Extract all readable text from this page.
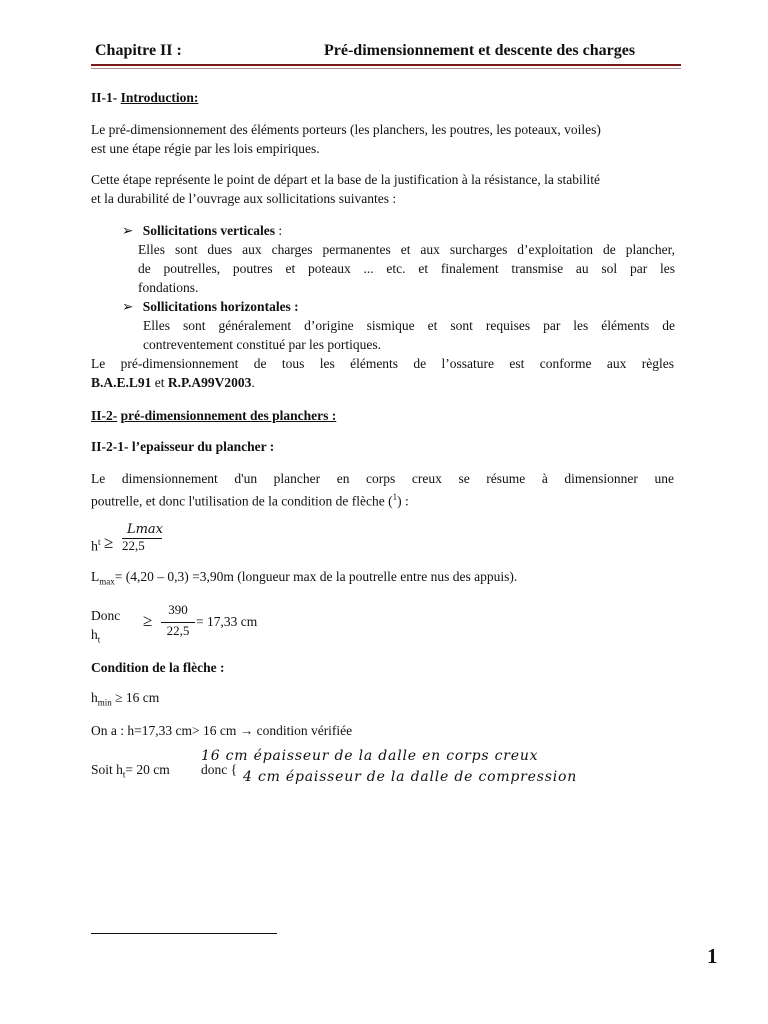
Chapitre II :	Pré-dimensionnement et descente des charges
II-1- Introduction:
Le pré-dimensionnement des éléments porteurs (les planchers, les poutres, les poteaux, voiles)
est une étape régie par les lois empiriques.
Cette étape représente le point de départ et la base de la justification à la résistance, la stabilité
et la durabilité de l’ouvrage aux sollicitations suivantes :
➢ Sollicitations verticales :
Elles sont dues aux charges permanentes et aux surcharges d’exploitation de plancher,
de poutrelles, poutres et poteaux ... etc. et finalement transmise au sol par les
fondations.
➢ Sollicitations horizontales :
Elles sont généralement d’origine sismique et sont requises par les éléments de
contreventement constitué par les portiques.
Le pré-dimensionnement de tous les éléments de l’ossature est conforme aux règles
B.A.E.L91 et R.P.A99V2003.
II-2- pré-dimensionnement des planchers :
II-2-1- l’epaisseur du plancher :
Le dimensionnement d'un plancher en corps creux se résume à dimensionner une
poutrelle, et donc l'utilisation de la condition de flèche ($^1$) :
$h^t$ ≥
Lmax
22,5
$L_{max}= (4,20 - 0,3) =3,90m$ (longueur max de la poutrelle entre nus des appuis).
Donc
$h_t$
≥
390
22,5
= 17,33 cm
Condition de la flèche :
$h_{min} \ge 16$ cm
On a : h=17,33 cm> 16 cm → condition vérifiée
Soit $h_t= 20$ cm donc {
16 cm épaisseur de la dalle en corps creux
4 cm épaisseur de la dalle de compression
1
